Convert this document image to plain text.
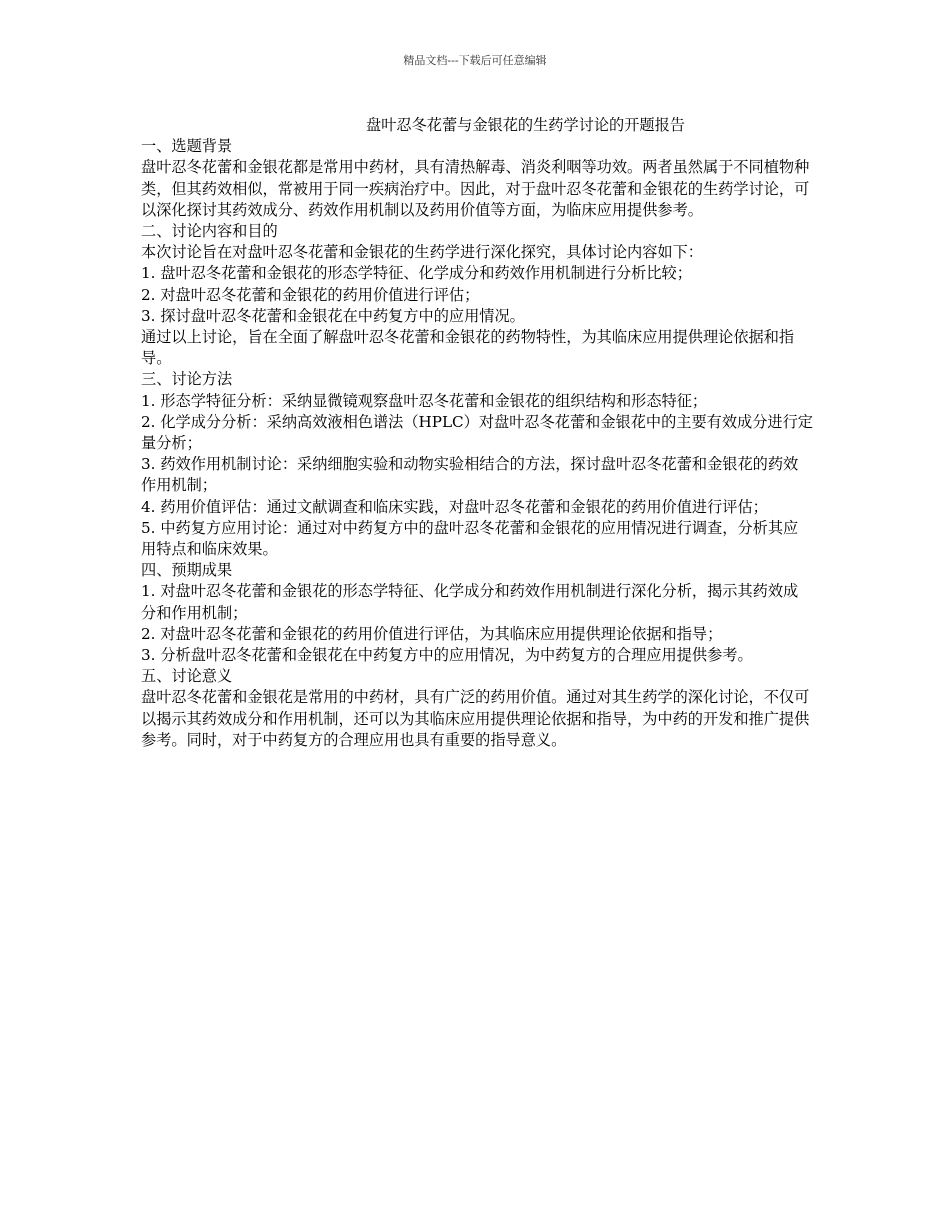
精品文档---下载后可任意编辑
盘叶忍冬花蕾与金银花的生药学讨论的开题报告

一、选题背景

盘叶忍冬花蕾和金银花都是常用中药材，具有清热解毒、消炎利咽等功效。两者虽然属于不同植物种类，但其药效相似，常被用于同一疾病治疗中。因此，对于盘叶忍冬花蕾和金银花的生药学讨论，可以深化探讨其药效成分、药效作用机制以及药用价值等方面，为临床应用提供参考。

二、讨论内容和目的

本次讨论旨在对盘叶忍冬花蕾和金银花的生药学进行深化探究，具体讨论内容如下：

1. 盘叶忍冬花蕾和金银花的形态学特征、化学成分和药效作用机制进行分析比较；

2. 对盘叶忍冬花蕾和金银花的药用价值进行评估；

3. 探讨盘叶忍冬花蕾和金银花在中药复方中的应用情况。

通过以上讨论，旨在全面了解盘叶忍冬花蕾和金银花的药物特性，为其临床应用提供理论依据和指导。

三、讨论方法

1. 形态学特征分析：采纳显微镜观察盘叶忍冬花蕾和金银花的组织结构和形态特征；

2. 化学成分分析：采纳高效液相色谱法（HPLC）对盘叶忍冬花蕾和金银花中的主要有效成分进行定量分析；

3. 药效作用机制讨论：采纳细胞实验和动物实验相结合的方法，探讨盘叶忍冬花蕾和金银花的药效作用机制；

4. 药用价值评估：通过文献调查和临床实践，对盘叶忍冬花蕾和金银花的药用价值进行评估；

5. 中药复方应用讨论：通过对中药复方中的盘叶忍冬花蕾和金银花的应用情况进行调查，分析其应用特点和临床效果。

四、预期成果

1. 对盘叶忍冬花蕾和金银花的形态学特征、化学成分和药效作用机制进行深化分析，揭示其药效成分和作用机制；

2. 对盘叶忍冬花蕾和金银花的药用价值进行评估，为其临床应用提供理论依据和指导；

3. 分析盘叶忍冬花蕾和金银花在中药复方中的应用情况，为中药复方的合理应用提供参考。

五、讨论意义

盘叶忍冬花蕾和金银花是常用的中药材，具有广泛的药用价值。通过对其生药学的深化讨论，不仅可以揭示其药效成分和作用机制，还可以为其临床应用提供理论依据和指导，为中药的开发和推广提供参考。同时，对于中药复方的合理应用也具有重要的指导意义。
